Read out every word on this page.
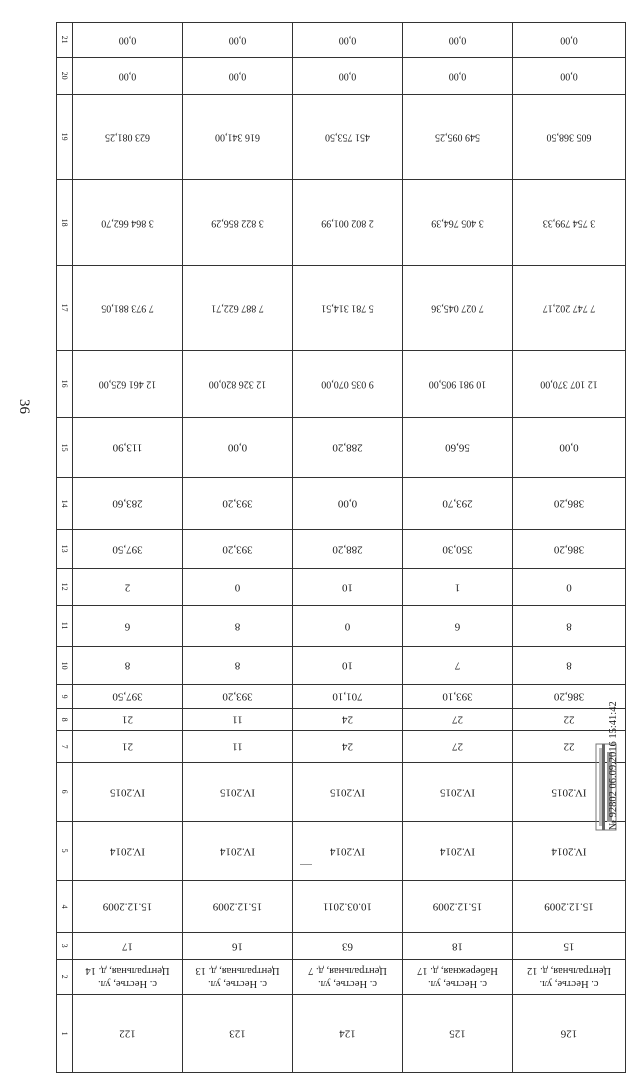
36
21	0,00	0,00	0,00	0,00	0,00

20	0,00	0,00	0,00	0,00	0,00

19	623 081,25	616 341,00	451 753,50	549 095,25	605 368,50

18	3 864 662,70	3 822 856,29	2 802 001,99	3 405 764,39	3 754 799,33

17	7 973 881,05	7 887 622,71	5 781 314,51	7 027 045,36	7 747 202,17

16	12 461 625,00	12 326 820,00	9 035 070,00	10 981 905,00	12 107 370,00

15	113,90	0,00	288,20	56,60	0,00

14	283,60	393,20	0,00	293,70	386,20

13	397,50	393,20	288,20	350,30	386,20

12	2	0	10	1	0

11	6	8	0	6	8

10	8	8	10	7	8

9	397,50	393,20	701,10	393,10	386,20

8	21	11	24	27	22

7	21	11	24	27	22

6	IV.2015	IV.2015	IV.2015	IV.2015	IV.2015

5	IV.2014	IV.2014	IV.2014	IV.2014	IV.2014

4	15.12.2009	15.12.2009	10.03.2011	15.12.2009	15.12.2009

3	17	16	63	18	15

2	с. Нестье, ул. Центральная, д. 14	с. Нестье, ул. Центральная, д. 13	с. Нестье, ул. Центральная, д. 7	с. Нестье, ул. Набережная, д. 17	с. Нестье, ул. Центральная, д. 12

1	122	123	124	125	126
№ 92802 06.09.2016 15:41:42
